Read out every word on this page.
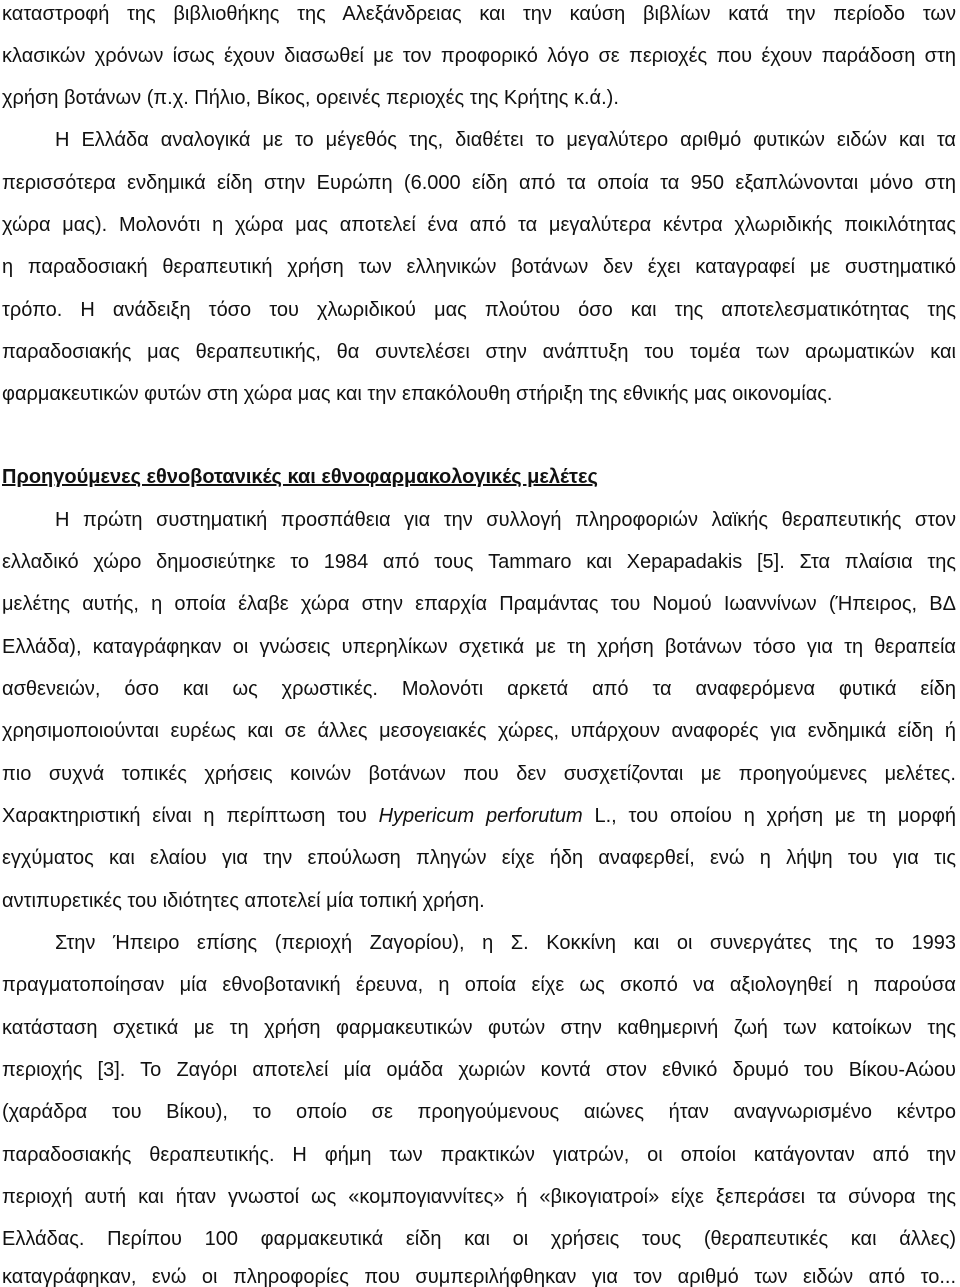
καταστροφή της βιβλιοθήκης της Αλεξάνδρειας και την καύση βιβλίων κατά την περίοδο των
κλασικών χρόνων ίσως έχουν διασωθεί με τον προφορικό λόγο σε περιοχές που έχουν παράδοση στη
χρήση βοτάνων (π.χ. Πήλιο, Βίκος, ορεινές περιοχές της Κρήτης κ.ά.).
Η Ελλάδα αναλογικά με το μέγεθός της, διαθέτει το μεγαλύτερο αριθμό φυτικών ειδών και τα
περισσότερα ενδημικά είδη στην Ευρώπη (6.000 είδη από τα οποία τα 950 εξαπλώνονται μόνο στη
χώρα μας). Μολονότι η χώρα μας αποτελεί ένα από τα μεγαλύτερα κέντρα χλωριδικής ποικιλότητας
η παραδοσιακή θεραπευτική χρήση των ελληνικών βοτάνων δεν έχει καταγραφεί με συστηματικό
τρόπο. Η ανάδειξη τόσο του χλωριδικού μας πλούτου όσο και της αποτελεσματικότητας της
παραδοσιακής μας θεραπευτικής, θα συντελέσει στην ανάπτυξη του τομέα των αρωματικών και
φαρμακευτικών φυτών στη χώρα μας και την επακόλουθη στήριξη της εθνικής μας οικονομίας.
Προηγούμενες εθνοβοτανικές και εθνοφαρμακολογικές μελέτες
Η πρώτη συστηματική προσπάθεια για την συλλογή πληροφοριών λαϊκής θεραπευτικής στον
ελλαδικό χώρο δημοσιεύτηκε το 1984 από τους Tammaro και Xepapadakis [5]. Στα πλαίσια της
μελέτης αυτής, η οποία έλαβε χώρα στην επαρχία Πραμάντας του Νομού Ιωαννίνων (Ήπειρος, ΒΔ
Ελλάδα), καταγράφηκαν οι γνώσεις υπερηλίκων σχετικά με τη χρήση βοτάνων τόσο για τη θεραπεία
ασθενειών, όσο και ως χρωστικές. Μολονότι αρκετά από τα αναφερόμενα φυτικά είδη
χρησιμοποιούνται ευρέως και σε άλλες μεσογειακές χώρες, υπάρχουν αναφορές για ενδημικά είδη ή
πιο συχνά τοπικές χρήσεις κοινών βοτάνων που δεν συσχετίζονται με προηγούμενες μελέτες.
Χαρακτηριστική είναι η περίπτωση του Hypericum perforutum L., του οποίου η χρήση με τη μορφή
εγχύματος και ελαίου για την επούλωση πληγών είχε ήδη αναφερθεί, ενώ η λήψη του για τις
αντιπυρετικές του ιδιότητες αποτελεί μία τοπική χρήση.
Στην Ήπειρο επίσης (περιοχή Ζαγορίου), η Σ. Κοκκίνη και οι συνεργάτες της το 1993
πραγματοποίησαν μία εθνοβοτανική έρευνα, η οποία είχε ως σκοπό να αξιολογηθεί η παρούσα
κατάσταση σχετικά με τη χρήση φαρμακευτικών φυτών στην καθημερινή ζωή των κατοίκων της
περιοχής [3]. Το Ζαγόρι αποτελεί μία ομάδα χωριών κοντά στον εθνικό δρυμό του Βίκου-Αώου
(χαράδρα του Βίκου), το οποίο σε προηγούμενους αιώνες ήταν αναγνωρισμένο κέντρο
παραδοσιακής θεραπευτικής. Η φήμη των πρακτικών γιατρών, οι οποίοι κατάγονταν από την
περιοχή αυτή και ήταν γνωστοί ως «κομπογιαννίτες» ή «βικογιατροί» είχε ξεπεράσει τα σύνορα της
Ελλάδας. Περίπου 100 φαρμακευτικά είδη και οι χρήσεις τους (θεραπευτικές και άλλες)
καταγράφηκαν, ενώ οι πληροφορίες που συμπεριλήφθηκαν για τον αριθμό των ειδών από το...
